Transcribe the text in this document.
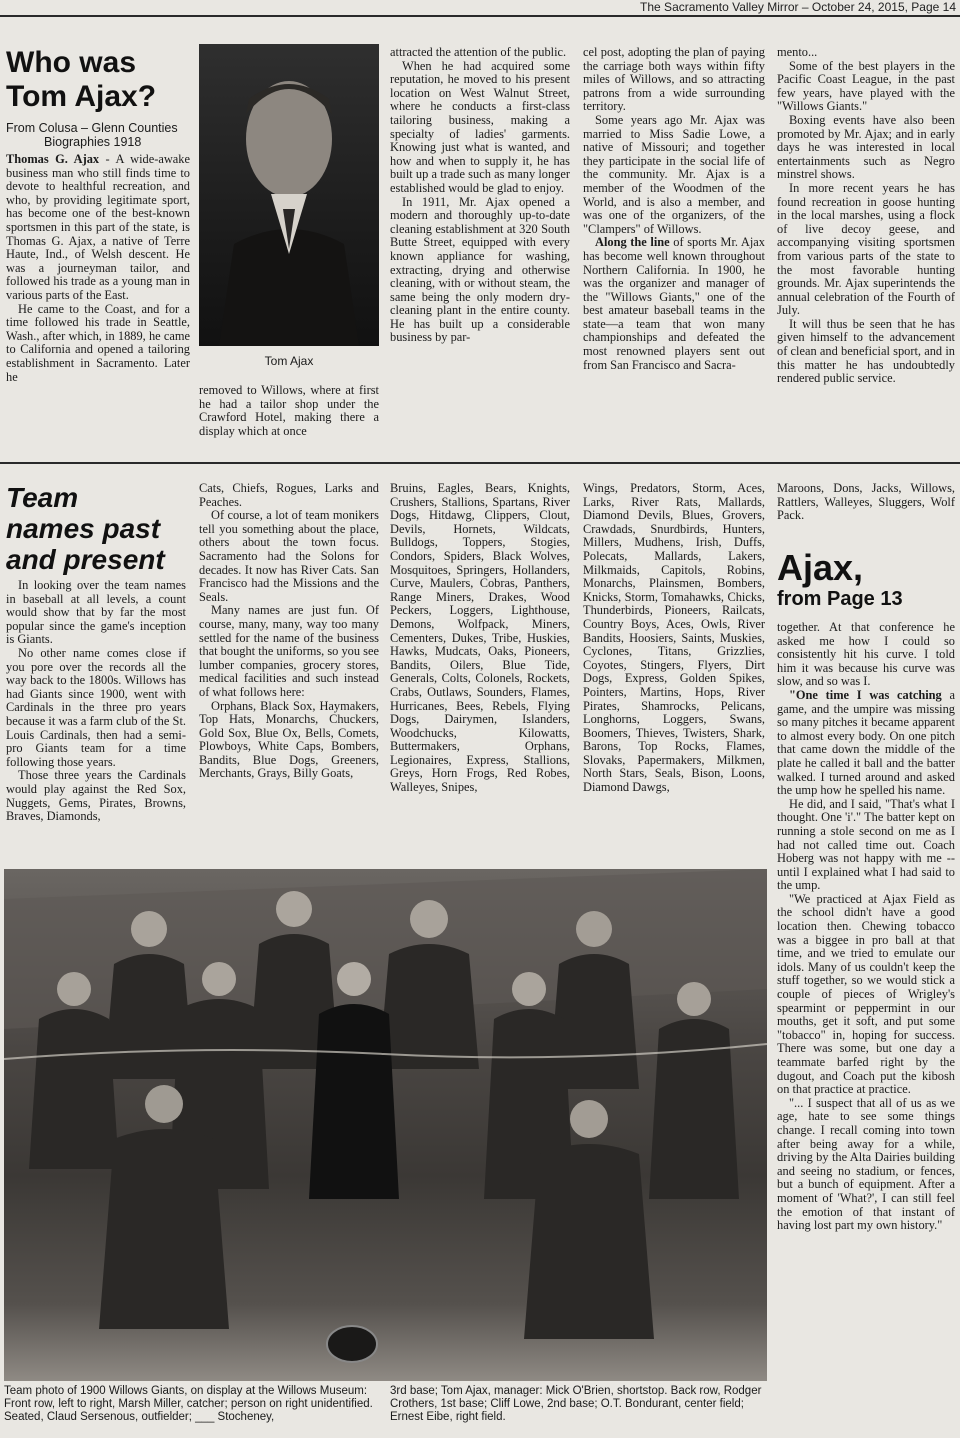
The Sacramento Valley Mirror – October 24, 2015, Page 14
Who was
Tom Ajax?
From Colusa – Glenn Counties
Biographies 1918

Thomas G. Ajax - A wide-awake business man who still finds time to devote to healthful recreation, and who, by providing legitimate sport, has become one of the best-known sportsmen in this part of the state, is Thomas G. Ajax, a native of Terre Haute, Ind., of Welsh descent. He was a journeyman tailor, and followed his trade as a young man in various parts of the East.

He came to the Coast, and for a time followed his trade in Seattle, Wash., after which, in 1889, he came to California and opened a tailoring establishment in Sacramento. Later he

Tom Ajax

removed to Willows, where at first he had a tailor shop under the Crawford Hotel, making there a display which at once

attracted the attention of the public.

When he had acquired some reputation, he moved to his present location on West Walnut Street, where he conducts a first-class tailoring business, making a specialty of ladies' garments. Knowing just what is wanted, and how and when to supply it, he has built up a trade such as many longer established would be glad to enjoy.

In 1911, Mr. Ajax opened a modern and thoroughly up-to-date cleaning establishment at 320 South Butte Street, equipped with every known appliance for washing, extracting, drying and otherwise cleaning, with or without steam, the same being the only modern dry-cleaning plant in the entire county. He has built up a considerable business by par-

cel post, adopting the plan of paying the carriage both ways within fifty miles of Willows, and so attracting patrons from a wide surrounding territory.

Some years ago Mr. Ajax was married to Miss Sadie Lowe, a native of Missouri; and together they participate in the social life of the community. Mr. Ajax is a member of the Woodmen of the World, and is also a member, and was one of the organizers, of the "Clampers" of Willows.

Along the line of sports Mr. Ajax has become well known throughout Northern California. In 1900, he was the organizer and manager of the "Willows Giants," one of the best amateur baseball teams in the state—a team that won many championships and defeated the most renowned players sent out from San Francisco and Sacra-

mento...

Some of the best players in the Pacific Coast League, in the past few years, have played with the "Willows Giants."

Boxing events have also been promoted by Mr. Ajax; and in early days he was interested in local entertainments such as Negro minstrel shows.

In more recent years he has found recreation in goose hunting in the local marshes, using a flock of live decoy geese, and accompanying visiting sportsmen from various parts of the state to the most favorable hunting grounds. Mr. Ajax superintends the annual celebration of the Fourth of July.

It will thus be seen that he has given himself to the advancement of clean and beneficial sport, and in this matter he has undoubtedly rendered public service.

Team
names past
and present

In looking over the team names in baseball at all levels, a count would show that by far the most popular since the game's inception is Giants.

No other name comes close if you pore over the records all the way back to the 1800s. Willows has had Giants since 1900, went with Cardinals in the three pro years because it was a farm club of the St. Louis Cardinals, then had a semi-pro Giants team for a time following those years.

Those three years the Cardinals would play against the Red Sox, Nuggets, Gems, Pirates, Browns, Braves, Diamonds,

Cats, Chiefs, Rogues, Larks and Peaches.

Of course, a lot of team monikers tell you something about the place, others about the town focus. Sacramento had the Solons for decades. It now has River Cats. San Francisco had the Missions and the Seals.

Many names are just fun. Of course, many, many, way too many settled for the name of the business that bought the uniforms, so you see lumber companies, grocery stores, medical facilities and such instead of what follows here:

Orphans, Black Sox, Haymakers, Top Hats, Monarchs, Chuckers, Gold Sox, Blue Ox, Bells, Comets, Plowboys, White Caps, Bombers, Bandits, Blue Dogs, Greeners, Merchants, Grays, Billy Goats,

Bruins, Eagles, Bears, Knights, Crushers, Stallions, Spartans, River Dogs, Hitdawg, Clippers, Clout, Devils, Hornets, Wildcats, Bulldogs, Toppers, Stogies, Condors, Spiders, Black Wolves, Mosquitoes, Springers, Hollanders, Curve, Maulers, Cobras, Panthers, Range Miners, Drakes, Wood Peckers, Loggers, Lighthouse, Demons, Wolfpack, Miners, Cementers, Dukes, Tribe, Huskies, Hawks, Mudcats, Oaks, Pioneers, Bandits, Oilers, Blue Tide, Generals, Colts, Colonels, Rockets, Crabs, Outlaws, Sounders, Flames, Hurricanes, Bees, Rebels, Flying Dogs, Dairymen, Islanders, Woodchucks, Kilowatts, Buttermakers, Orphans, Legionaires, Express, Stallions, Greys, Horn Frogs, Red Robes, Walleyes, Snipes,

Wings, Predators, Storm, Aces, Larks, River Rats, Mallards, Diamond Devils, Blues, Grovers, Crawdads, Snurdbirds, Hunters, Millers, Mudhens, Irish, Duffs, Polecats, Mallards, Lakers, Milkmaids, Capitols, Robins, Monarchs, Plainsmen, Bombers, Knicks, Storm, Tomahawks, Chicks, Thunderbirds, Pioneers, Railcats, Country Boys, Aces, Owls, River Bandits, Hoosiers, Saints, Muskies, Cyclones, Titans, Grizzlies, Coyotes, Stingers, Flyers, Dirt Dogs, Express, Golden Spikes, Pointers, Martins, Hops, River Pirates, Shamrocks, Pelicans, Longhorns, Loggers, Swans, Boomers, Thieves, Twisters, Shark, Barons, Top Rocks, Flames, Slovaks, Papermakers, Milkmen, North Stars, Seals, Bison, Loons, Diamond Dawgs,

Maroons, Dons, Jacks, Willows, Rattlers, Walleyes, Sluggers, Wolf Pack.

Ajax,
from Page 13

together. At that conference he asked me how I could so consistently hit his curve. I told him it was because his curve was slow, and so was I.

"One time I was catching a game, and the umpire was missing so many pitches it became apparent to almost every body. On one pitch that came down the middle of the plate he called it ball and the batter walked. I turned around and asked the ump how he spelled his name.

He did, and I said, "That's what I thought. One 'i'." The batter kept on running a stole second on me as I had not called time out. Coach Hoberg was not happy with me -- until I explained what I had said to the ump.

"We practiced at Ajax Field as the school didn't have a good location then. Chewing tobacco was a biggee in pro ball at that time, and we tried to emulate our idols. Many of us couldn't keep the stuff together, so we would stick a couple of pieces of Wrigley's spearmint or peppermint in our mouths, get it soft, and put some "tobacco" in, hoping for success. There was some, but one day a teammate barfed right by the dugout, and Coach put the kibosh on that practice at practice.

"... I suspect that all of us as we age, hate to see some things change. I recall coming into town after being away for a while, driving by the Alta Dairies building and seeing no stadium, or fences, but a bunch of equipment. After a moment of 'What?', I can still feel the emotion of that instant of having lost part my own history."

Team photo of 1900 Willows Giants, on display at the Willows Museum: Front row, left to right, Marsh Miller, catcher; person on right unidentified. Seated, Claud Sersenous, outfielder; ___ Stocheney,
3rd base; Tom Ajax, manager: Mick O'Brien, shortstop. Back row, Rodger Crothers, 1st base; Cliff Lowe, 2nd base; O.T. Bondurant, center field; Ernest Eibe, right field.
